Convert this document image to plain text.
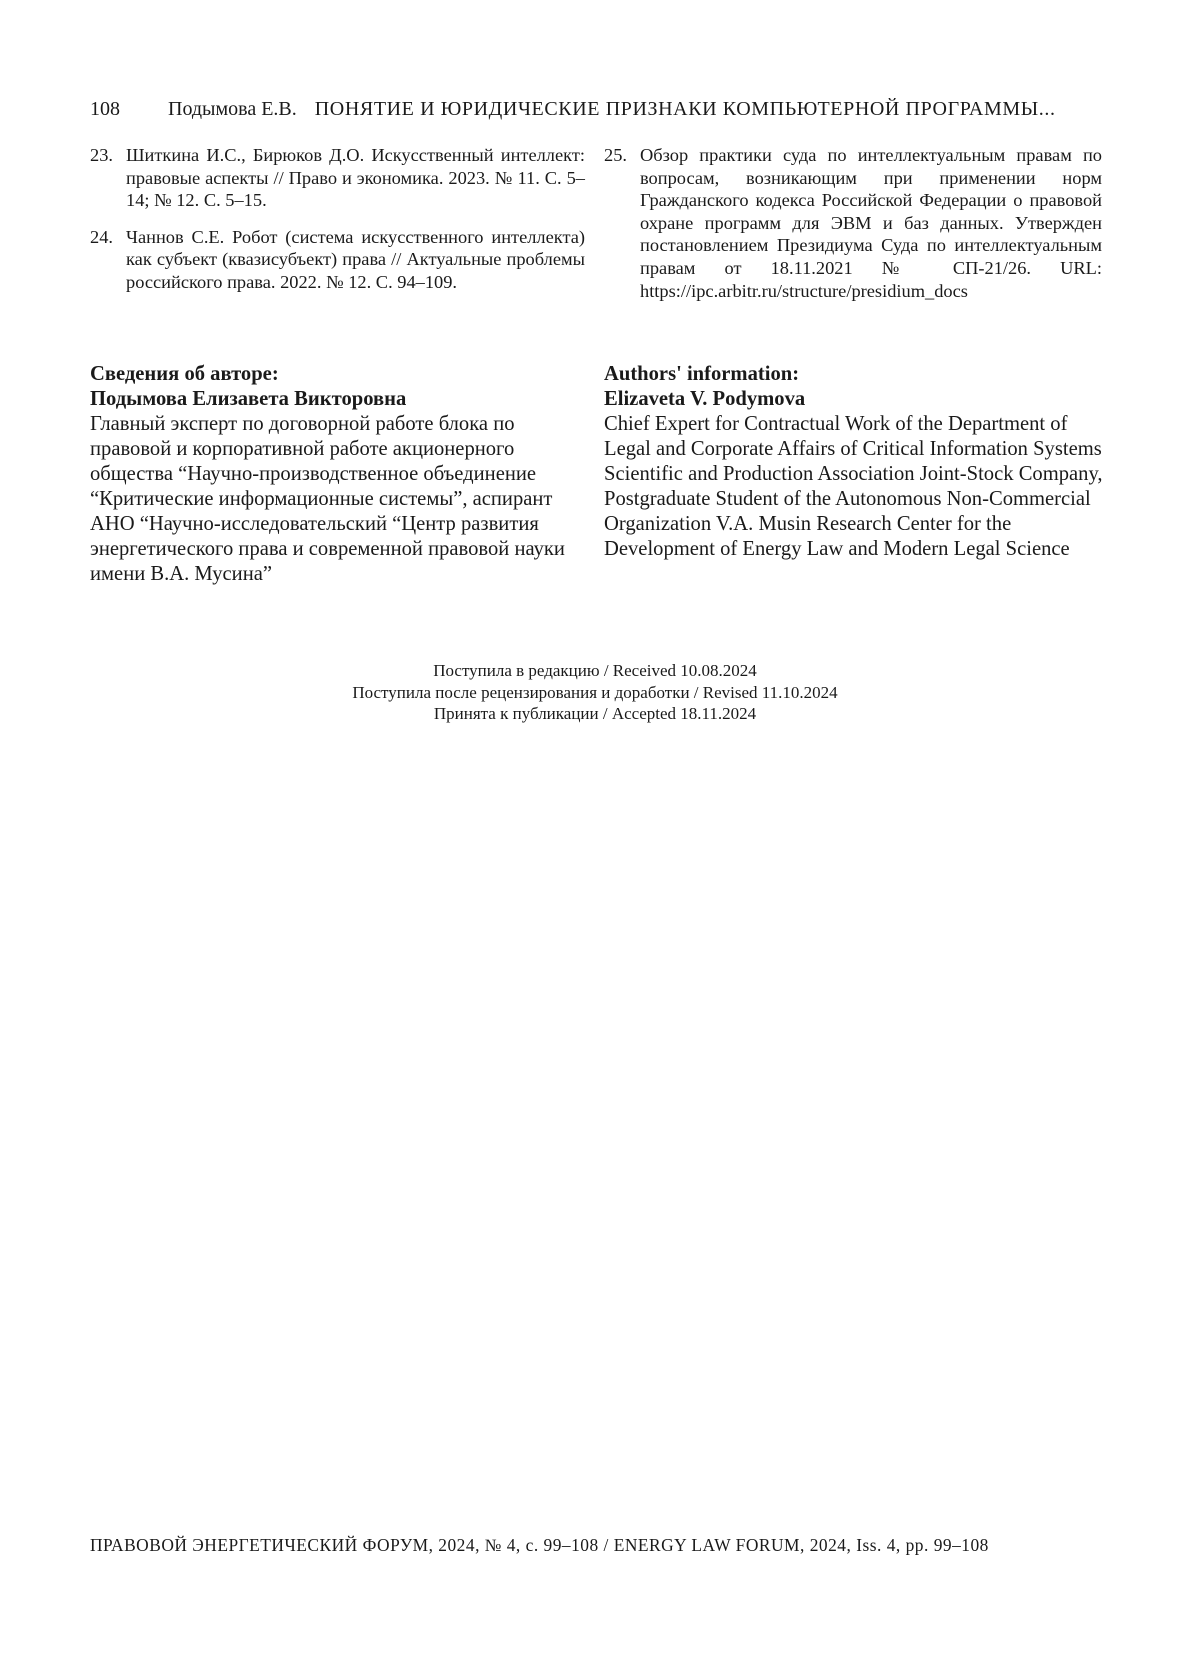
108 Подымова Е.В. ПОНЯТИЕ И ЮРИДИЧЕСКИЕ ПРИЗНАКИ КОМПЬЮТЕРНОЙ ПРОГРАММЫ...
23. Шиткина И.С., Бирюков Д.О. Искусственный интеллект: правовые аспекты // Право и экономика. 2023. № 11. С. 5–14; № 12. С. 5–15.
24. Чаннов С.Е. Робот (система искусственного интеллекта) как субъект (квазисубъект) права // Актуальные проблемы российского права. 2022. № 12. С. 94–109.
25. Обзор практики суда по интеллектуальным правам по вопросам, возникающим при применении норм Гражданского кодекса Российской Федерации о правовой охране программ для ЭВМ и баз данных. Утвержден постановлением Президиума Суда по интеллектуальным правам от 18.11.2021 № СП-21/26. URL: https://ipc.arbitr.ru/structure/presidium_docs
Сведения об авторе:
Подымова Елизавета Викторовна
Главный эксперт по договорной работе блока по правовой и корпоративной работе акционерного общества “Научно-производственное объединение “Критические информационные системы”, аспирант АНО “Научно-исследовательский “Центр развития энергетического права и современной правовой науки имени В.А. Мусина”
Authors' information:
Elizaveta V. Podymova
Chief Expert for Contractual Work of the Department of Legal and Corporate Affairs of Critical Information Systems Scientific and Production Association Joint-Stock Company, Postgraduate Student of the Autonomous Non-Commercial Organization V.A. Musin Research Center for the Development of Energy Law and Modern Legal Science
Поступила в редакцию / Received 10.08.2024
Поступила после рецензирования и доработки / Revised 11.10.2024
Принята к публикации / Accepted 18.11.2024
ПРАВОВОЙ ЭНЕРГЕТИЧЕСКИЙ ФОРУМ, 2024, № 4, с. 99–108 / ENERGY LAW FORUM, 2024, Iss. 4, pp. 99–108
